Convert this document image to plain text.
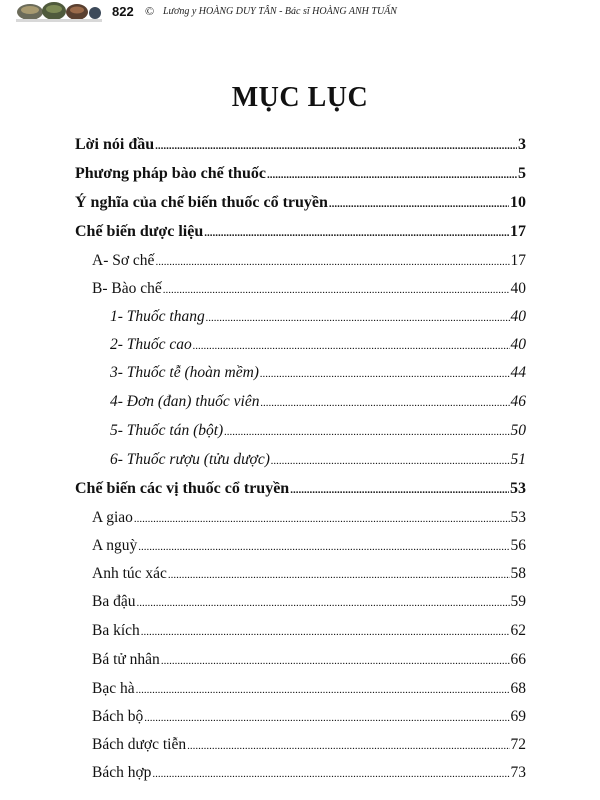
822 © Lương y HOÀNG DUY TÂN - Bác sĩ HOÀNG ANH TUẤN
MỤC LỤC
Lời nói đầu .....	3
Phương pháp bào chế thuốc .....	5
Ý nghĩa của chế biến thuốc cổ truyền .....	10
Chế biến dược liệu .....	17
A- Sơ chế .....	17
B- Bào chế .....	40
1- Thuốc thang .....	40
2- Thuốc cao .....	40
3- Thuốc tễ (hoàn mềm) .....	44
4- Đơn (đan) thuốc viên .....	46
5- Thuốc tán (bột) .....	50
6- Thuốc rượu (tửu dược) .....	51
Chế biến các vị thuốc cổ truyền .....	53
A giao .....	53
A nguỳ .....	56
Anh túc xác .....	58
Ba đậu .....	59
Ba kích .....	62
Bá tử nhân .....	66
Bạc hà .....	68
Bách bộ .....	69
Bách dược tiễn .....	72
Bách hợp .....	73
